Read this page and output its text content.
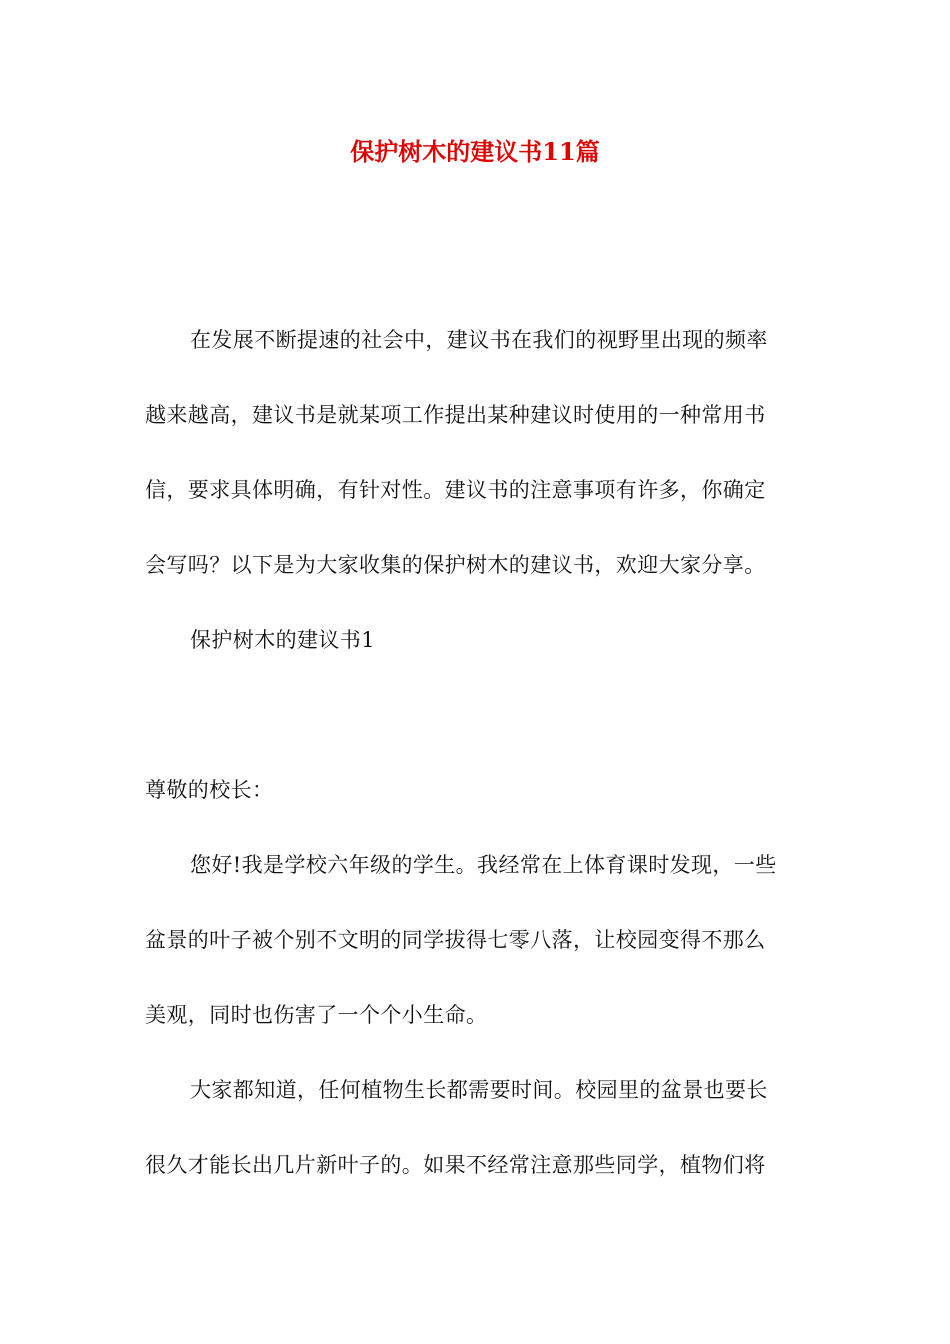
保护树木的建议书11篇
在发展不断提速的社会中，建议书在我们的视野里出现的频率
越来越高，建议书是就某项工作提出某种建议时使用的一种常用书
信，要求具体明确，有针对性。建议书的注意事项有许多，你确定
会写吗？以下是为大家收集的保护树木的建议书，欢迎大家分享。
保护树木的建议书1
尊敬的校长：
您好!我是学校六年级的学生。我经常在上体育课时发现，一些
盆景的叶子被个别不文明的同学拔得七零八落，让校园变得不那么
美观，同时也伤害了一个个小生命。
大家都知道，任何植物生长都需要时间。校园里的盆景也要长
很久才能长出几片新叶子的。如果不经常注意那些同学，植物们将
